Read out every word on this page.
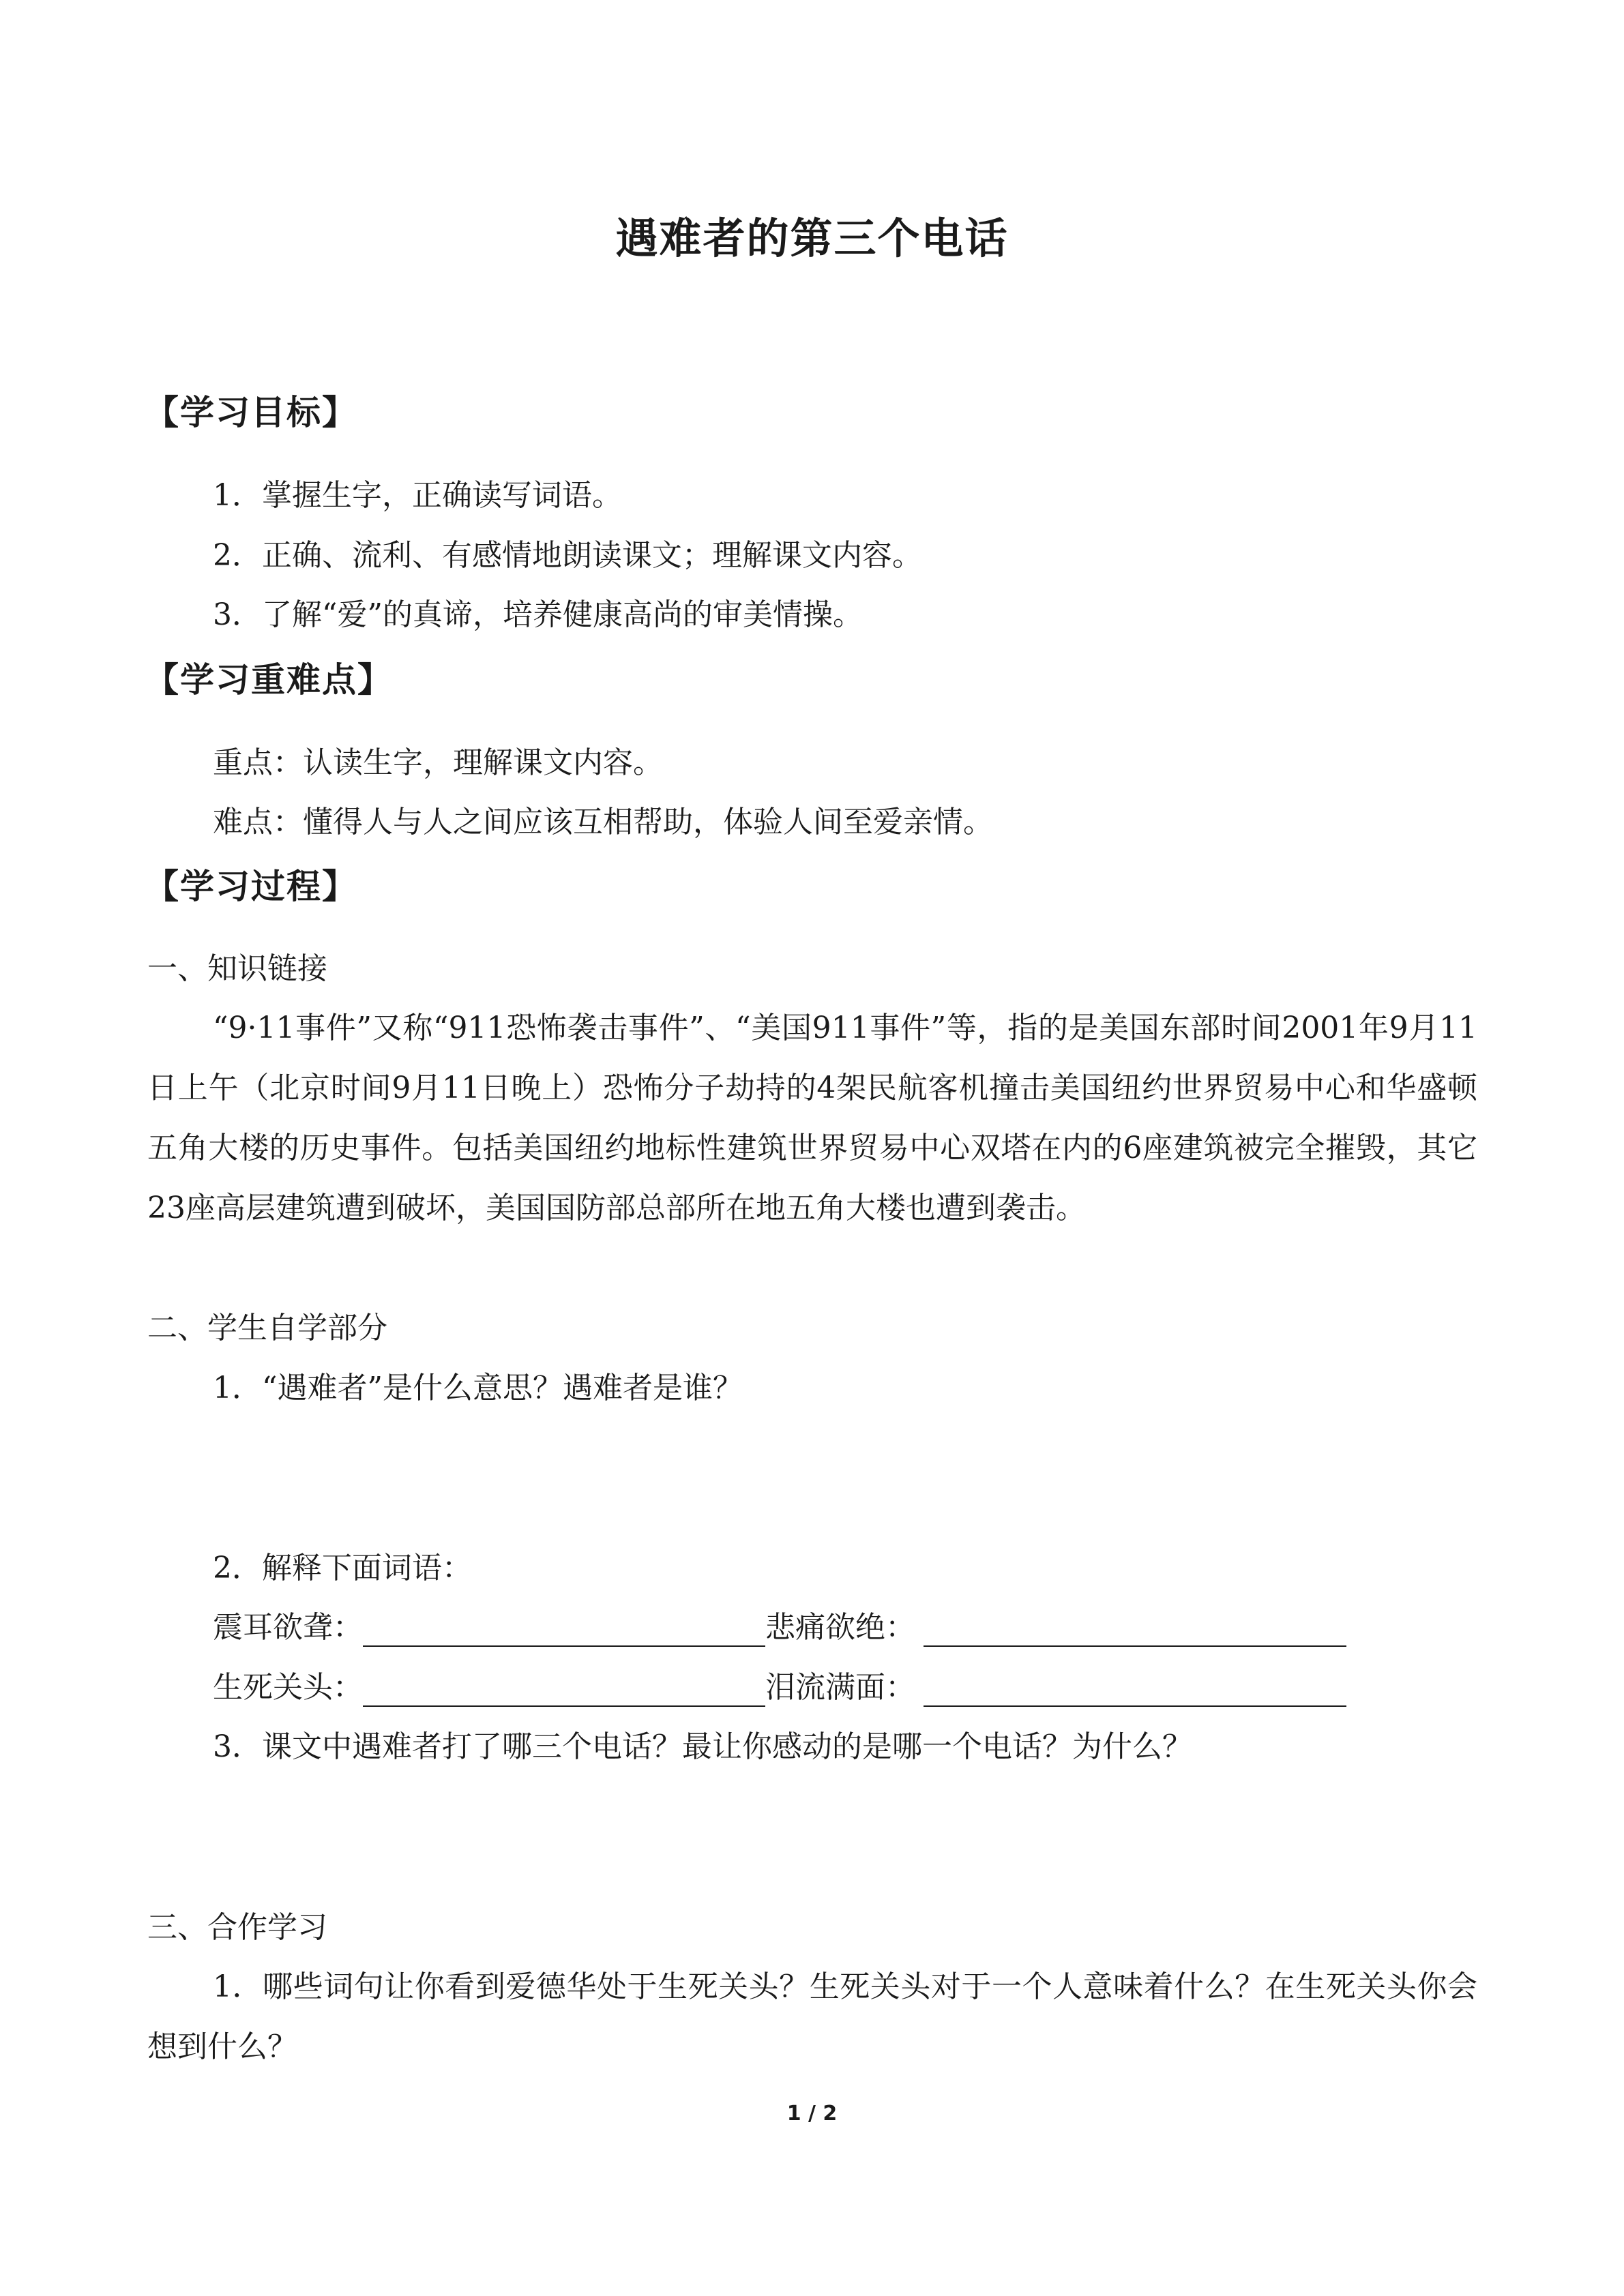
遇难者的第三个电话
【学习目标】
1．掌握生字，正确读写词语。
2．正确、流利、有感情地朗读课文；理解课文内容。
3．了解“爱”的真谛，培养健康高尚的审美情操。
【学习重难点】
重点：认读生字，理解课文内容。
难点：懂得人与人之间应该互相帮助，体验人间至爱亲情。
【学习过程】
一、知识链接
“9·11事件”又称“911恐怖袭击事件”、“美国911事件”等，指的是美国东部时间2001年9月11日上午（北京时间9月11日晚上）恐怖分子劫持的4架民航客机撞击美国纽约世界贸易中心和华盛顿五角大楼的历史事件。包括美国纽约地标性建筑世界贸易中心双塔在内的6座建筑被完全摧毁，其它23座高层建筑遭到破坏，美国国防部总部所在地五角大楼也遭到袭击。
二、学生自学部分
1．“遇难者”是什么意思？遇难者是谁？
2．解释下面词语：
震耳欲聋：	悲痛欲绝：
生死关头：	泪流满面：
3．课文中遇难者打了哪三个电话？最让你感动的是哪一个电话？为什么？
三、合作学习
1．哪些词句让你看到爱德华处于生死关头？生死关头对于一个人意味着什么？在生死关头你会想到什么？
1 / 2
